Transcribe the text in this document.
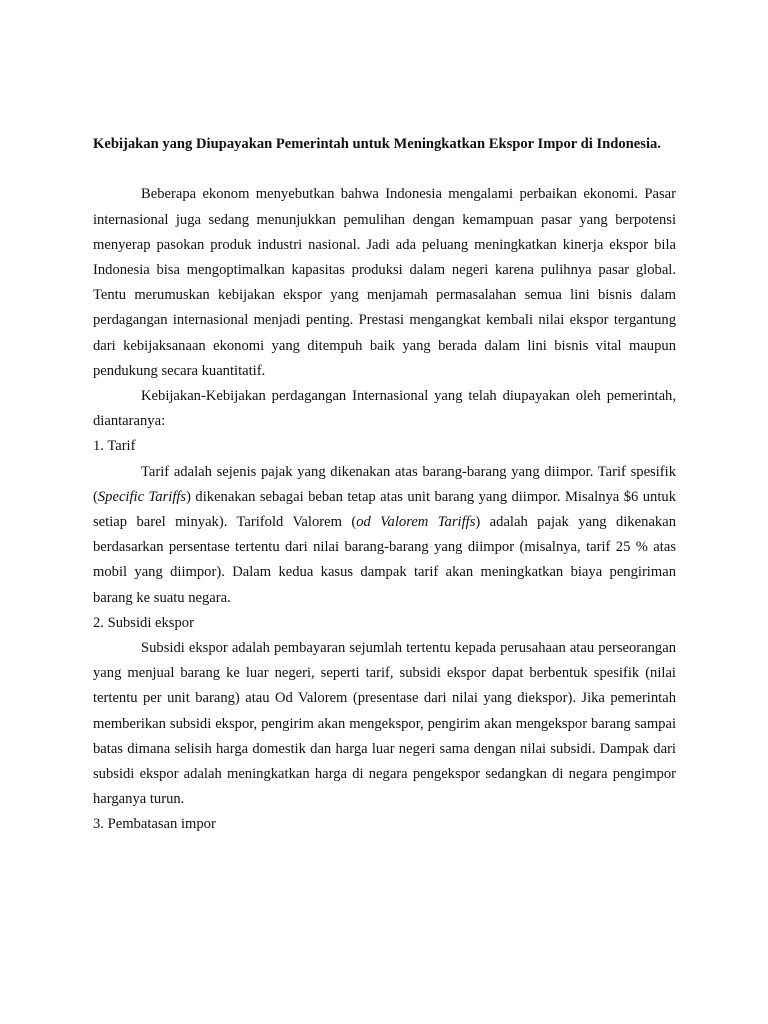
Kebijakan yang Diupayakan Pemerintah untuk Meningkatkan Ekspor Impor di Indonesia.

Beberapa ekonom menyebutkan bahwa Indonesia mengalami perbaikan ekonomi. Pasar internasional juga sedang menunjukkan pemulihan dengan kemampuan pasar yang berpotensi menyerap pasokan produk industri nasional. Jadi ada peluang meningkatkan kinerja ekspor bila Indonesia bisa mengoptimalkan kapasitas produksi dalam negeri karena pulihnya pasar global. Tentu merumuskan kebijakan ekspor yang menjamah permasalahan semua lini bisnis dalam perdagangan internasional menjadi penting. Prestasi mengangkat kembali nilai ekspor tergantung dari kebijaksanaan ekonomi yang ditempuh baik yang berada dalam lini bisnis vital maupun pendukung secara kuantitatif.

Kebijakan-Kebijakan perdagangan Internasional yang telah diupayakan oleh pemerintah, diantaranya:

1. Tarif

Tarif adalah sejenis pajak yang dikenakan atas barang-barang yang diimpor. Tarif spesifik (Specific Tariffs) dikenakan sebagai beban tetap atas unit barang yang diimpor. Misalnya $6 untuk setiap barel minyak). Tarifold Valorem (od Valorem Tariffs) adalah pajak yang dikenakan berdasarkan persentase tertentu dari nilai barang-barang yang diimpor (misalnya, tarif 25 % atas mobil yang diimpor). Dalam kedua kasus dampak tarif akan meningkatkan biaya pengiriman barang ke suatu negara.

2. Subsidi ekspor

Subsidi ekspor adalah pembayaran sejumlah tertentu kepada perusahaan atau perseorangan yang menjual barang ke luar negeri, seperti tarif, subsidi ekspor dapat berbentuk spesifik (nilai tertentu per unit barang) atau Od Valorem (presentase dari nilai yang diekspor). Jika pemerintah memberikan subsidi ekspor, pengirim akan mengekspor, pengirim akan mengekspor barang sampai batas dimana selisih harga domestik dan harga luar negeri sama dengan nilai subsidi. Dampak dari subsidi ekspor adalah meningkatkan harga di negara pengekspor sedangkan di negara pengimpor harganya turun.

3. Pembatasan impor
